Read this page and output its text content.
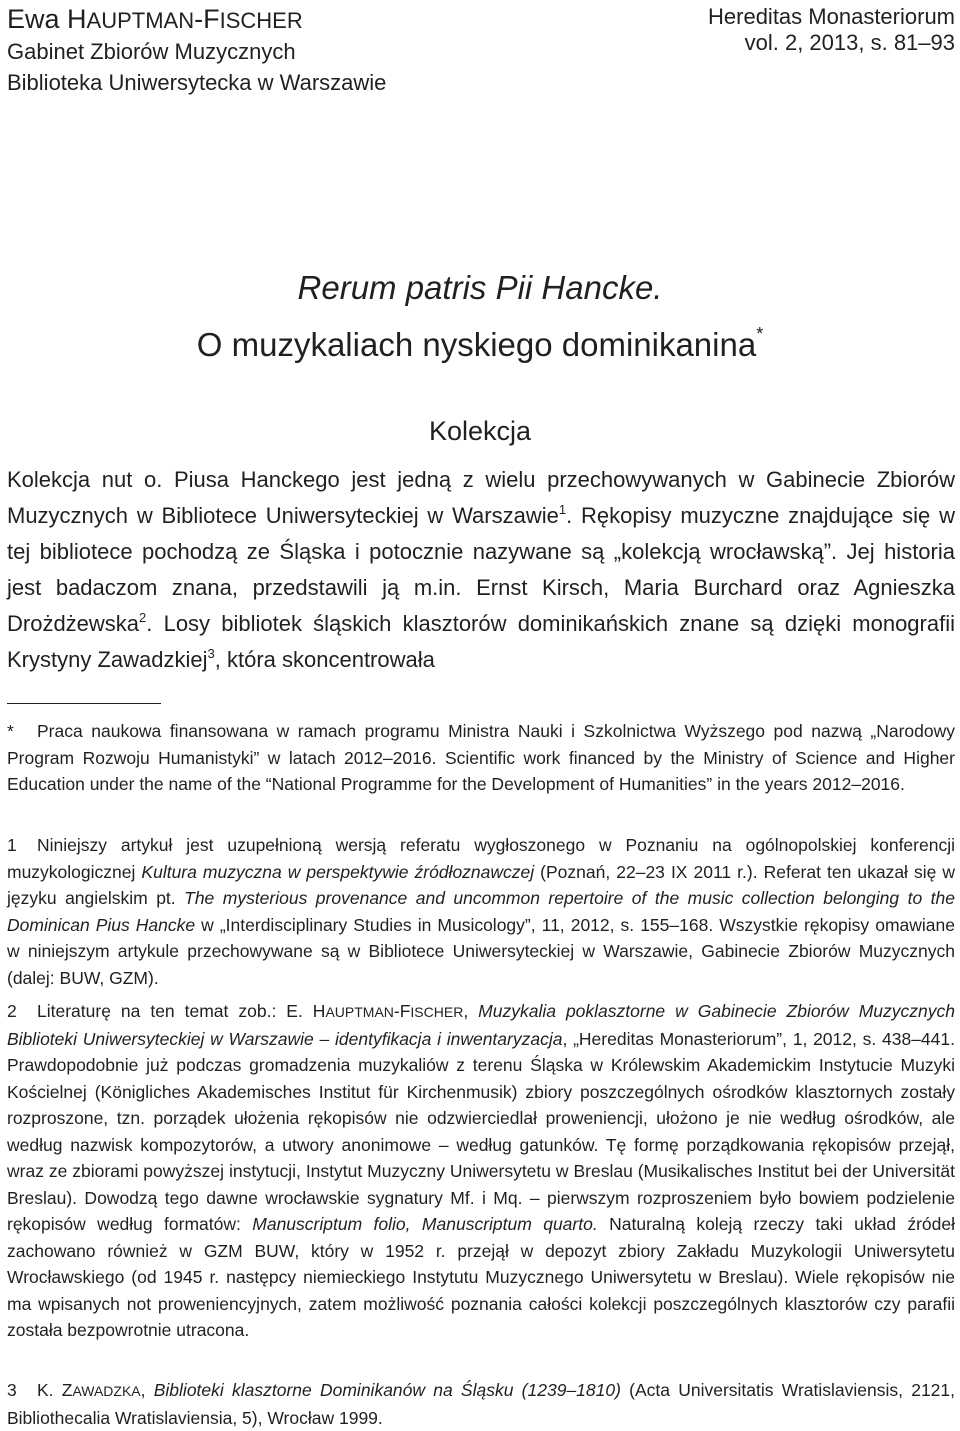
Ewa HAUPTMAN-FISCHER
Gabinet Zbiorów Muzycznych
Biblioteka Uniwersytecka w Warszawie
Hereditas Monasteriorum
vol. 2, 2013, s. 81–93
Rerum patris Pii Hancke.
O muzykaliach nyskiego dominikanina*
Kolekcja

Kolekcja nut o. Piusa Hanckego jest jedną z wielu przechowywanych w Gabinecie Zbiorów Muzycznych w Bibliotece Uniwersyteckiej w Warszawie$^1$. Rękopisy muzyczne znajdujące się w tej bibliotece pochodzą ze Śląska i potocznie nazywane są „kolekcją wrocławską”. Jej historia jest badaczom znana, przedstawili ją m.in. Ernst Kirsch, Maria Burchard oraz Agnieszka Drożdżewska$^2$. Losy bibliotek śląskich klasztorów dominikańskich znane są dzięki monografii Krystyny Zawadzkiej$^3$, która skoncentrowała

* Praca naukowa finansowana w ramach programu Ministra Nauki i Szkolnictwa Wyższego pod nazwą „Narodowy Program Rozwoju Humanistyki” w latach 2012–2016. Scientific work financed by the Ministry of Science and Higher Education under the name of the “National Programme for the Development of Humanities” in the years 2012–2016.

1 Niniejszy artykuł jest uzupełnioną wersją referatu wygłoszonego w Poznaniu na ogólnopolskiej konferencji muzykologicznej Kultura muzyczna w perspektywie źródłoznawczej (Poznań, 22–23 IX 2011 r.). Referat ten ukazał się w języku angielskim pt. The mysterious provenance and uncommon repertoire of the music collection belonging to the Dominican Pius Hancke w „Interdisciplinary Studies in Musicology”, 11, 2012, s. 155–168. Wszystkie rękopisy omawiane w niniejszym artykule przechowywane są w Bibliotece Uniwersyteckiej w Warszawie, Gabinecie Zbiorów Muzycznych (dalej: BUW, GZM).

2 Literaturę na ten temat zob.: E. HAUPTMAN-FISCHER, Muzykalia poklasztorne w Gabinecie Zbiorów Muzycznych Biblioteki Uniwersyteckiej w Warszawie – identyfikacja i inwentaryzacja, „Hereditas Monasteriorum”, 1, 2012, s. 438–441. Prawdopodobnie już podczas gromadzenia muzykaliów z terenu Śląska w Królewskim Akademickim Instytucie Muzyki Kościelnej (Königliches Akademisches Institut für Kirchenmusik) zbiory poszczególnych ośrodków klasztornych zostały rozproszone, tzn. porządek ułożenia rękopisów nie odzwierciedlał proweniencji, ułożono je nie według ośrodków, ale według nazwisk kompozytorów, a utwory anonimowe – według gatunków. Tę formę porządkowania rękopisów przejął, wraz ze zbiorami powyższej instytucji, Instytut Muzyczny Uniwersytetu w Breslau (Musikalisches Institut bei der Universität Breslau). Dowodzą tego dawne wrocławskie sygnatury Mf. i Mq. – pierwszym rozproszeniem było bowiem podzielenie rękopisów według formatów: Manuscriptum folio, Manuscriptum quarto. Naturalną koleją rzeczy taki układ źródeł zachowano również w GZM BUW, który w 1952 r. przejął w depozyt zbiory Zakładu Muzykologii Uniwersytetu Wrocławskiego (od 1945 r. następcy niemieckiego Instytutu Muzycznego Uniwersytetu w Breslau). Wiele rękopisów nie ma wpisanych not proweniencyjnych, zatem możliwość poznania całości kolekcji poszczególnych klasztorów czy parafii została bezpowrotnie utracona.

3 K. ZAWADZKA, Biblioteki klasztorne Dominikanów na Śląsku (1239–1810) (Acta Universitatis Wratislaviensis, 2121, Bibliothecalia Wratislaviensia, 5), Wrocław 1999.
